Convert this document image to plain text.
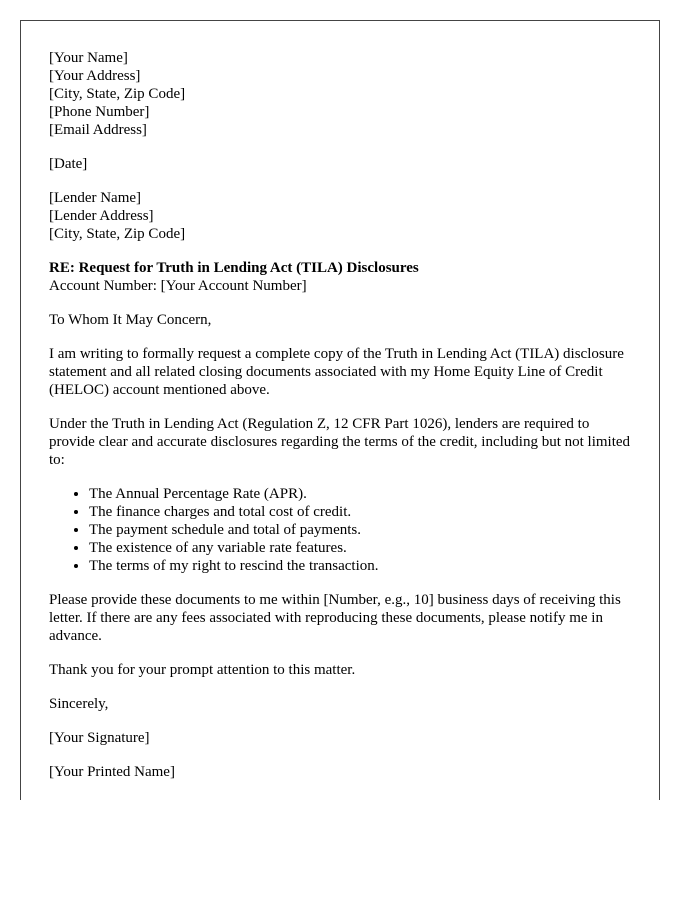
[Your Name]
[Your Address]
[City, State, Zip Code]
[Phone Number]
[Email Address]
[Date]
[Lender Name]
[Lender Address]
[City, State, Zip Code]
RE: Request for Truth in Lending Act (TILA) Disclosures
Account Number: [Your Account Number]

To Whom It May Concern,

I am writing to formally request a complete copy of the Truth in Lending Act (TILA) disclosure statement and all related closing documents associated with my Home Equity Line of Credit (HELOC) account mentioned above.

Under the Truth in Lending Act (Regulation Z, 12 CFR Part 1026), lenders are required to provide clear and accurate disclosures regarding the terms of the credit, including but not limited to:

• The Annual Percentage Rate (APR).
• The finance charges and total cost of credit.
• The payment schedule and total of payments.
• The existence of any variable rate features.
• The terms of my right to rescind the transaction.

Please provide these documents to me within [Number, e.g., 10] business days of receiving this letter. If there are any fees associated with reproducing these documents, please notify me in advance.

Thank you for your prompt attention to this matter.

Sincerely,

[Your Signature]

[Your Printed Name]
